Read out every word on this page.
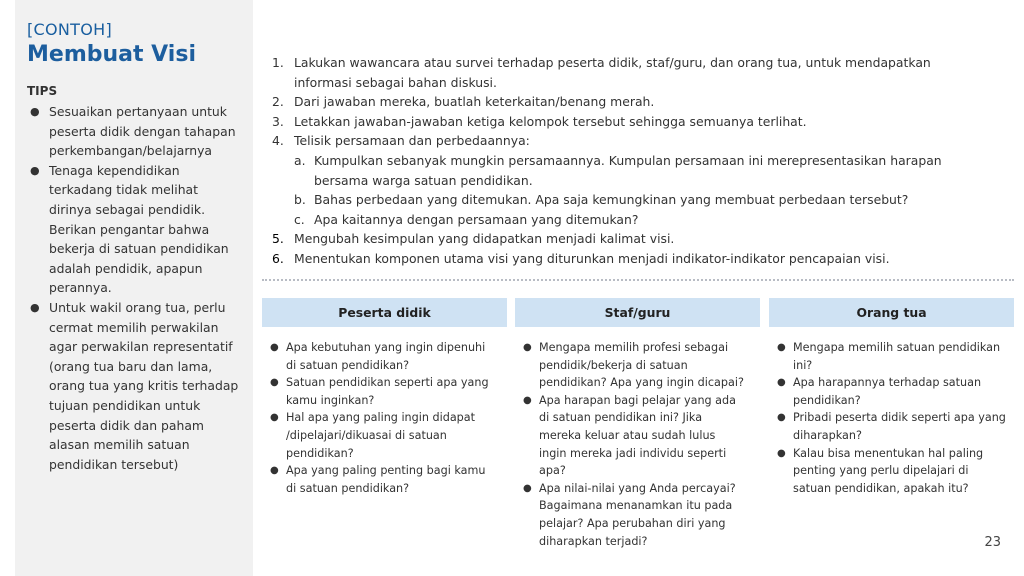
[CONTOH]
Membuat Visi
TIPS
● Sesuaikan pertanyaan untuk peserta didik dengan tahapan perkembangan/belajarnya
● Tenaga kependidikan terkadang tidak melihat dirinya sebagai pendidik. Berikan pengantar bahwa bekerja di satuan pendidikan adalah pendidik, apapun perannya.
● Untuk wakil orang tua, perlu cermat memilih perwakilan agar perwakilan representatif (orang tua baru dan lama, orang tua yang kritis terhadap tujuan pendidikan untuk peserta didik dan paham alasan memilih satuan pendidikan tersebut)
1. Lakukan wawancara atau survei terhadap peserta didik, staf/guru, dan orang tua, untuk mendapatkan informasi sebagai bahan diskusi.
2. Dari jawaban mereka, buatlah keterkaitan/benang merah.
3. Letakkan jawaban-jawaban ketiga kelompok tersebut sehingga semuanya terlihat.
4. Telisik persamaan dan perbedaannya:
a. Kumpulkan sebanyak mungkin persamaannya. Kumpulan persamaan ini merepresentasikan harapan bersama warga satuan pendidikan.
b. Bahas perbedaan yang ditemukan. Apa saja kemungkinan yang membuat perbedaan tersebut?
c. Apa kaitannya dengan persamaan yang ditemukan?
5. Mengubah kesimpulan yang didapatkan menjadi kalimat visi.
6. Menentukan komponen utama visi yang diturunkan menjadi indikator-indikator pencapaian visi.
Peserta didik	Staf/guru	Orang tua
● Apa kebutuhan yang ingin dipenuhi di satuan pendidikan?
● Satuan pendidikan seperti apa yang kamu inginkan?
● Hal apa yang paling ingin didapat /dipelajari/dikuasai di satuan pendidikan?
● Apa yang paling penting bagi kamu di satuan pendidikan?
● Mengapa memilih profesi sebagai pendidik/bekerja di satuan pendidikan? Apa yang ingin dicapai?
● Apa harapan bagi pelajar yang ada di satuan pendidikan ini? Jika mereka keluar atau sudah lulus ingin mereka jadi individu seperti apa?
● Apa nilai-nilai yang Anda percayai? Bagaimana menanamkan itu pada pelajar? Apa perubahan diri yang diharapkan terjadi?
● Mengapa memilih satuan pendidikan ini?
● Apa harapannya terhadap satuan pendidikan?
● Pribadi peserta didik seperti apa yang diharapkan?
● Kalau bisa menentukan hal paling penting yang perlu dipelajari di satuan pendidikan, apakah itu?
23
